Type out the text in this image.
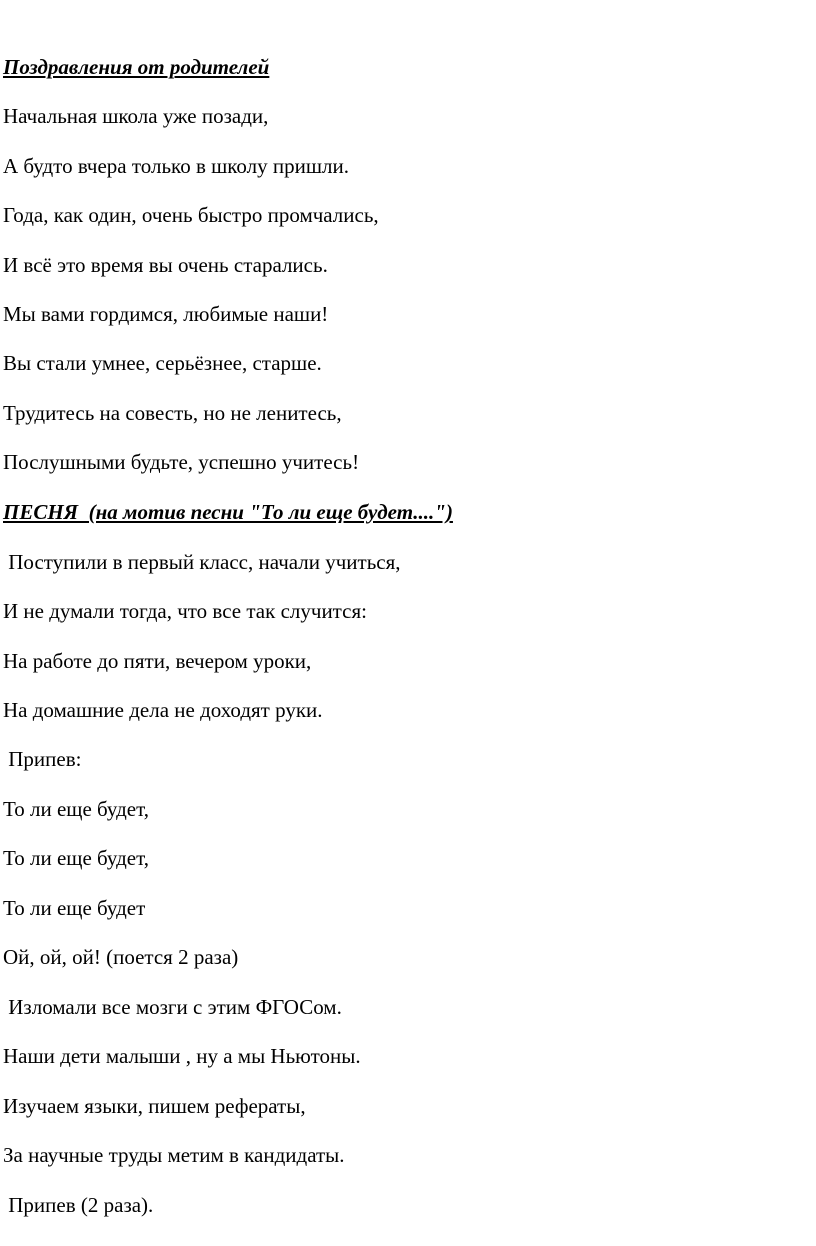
Поздравления от родителей

Начальная школа уже позади,

А будто вчера только в школу пришли.

Года, как один, очень быстро промчались,

И всё это время вы очень старались.

Мы вами гордимся, любимые наши!

Вы стали умнее, серьёзнее, старше.

Трудитесь на совесть, но не ленитесь,

Послушными будьте, успешно учитесь!

ПЕСНЯ  (на мотив песни "То ли еще будет....")

Поступили в первый класс, начали учиться,

И не думали тогда, что все так случится:

На работе до пяти, вечером уроки,

На домашние дела не доходят руки.

Припев:

То ли еще будет,

То ли еще будет,

То ли еще будет

Ой, ой, ой! (поется 2 раза)

Изломали все мозги с этим ФГОСом.

Наши дети малыши , ну а мы Ньютоны.

Изучаем языки, пишем рефераты,

За научные труды метим в кандидаты.

Припев (2 раза).
